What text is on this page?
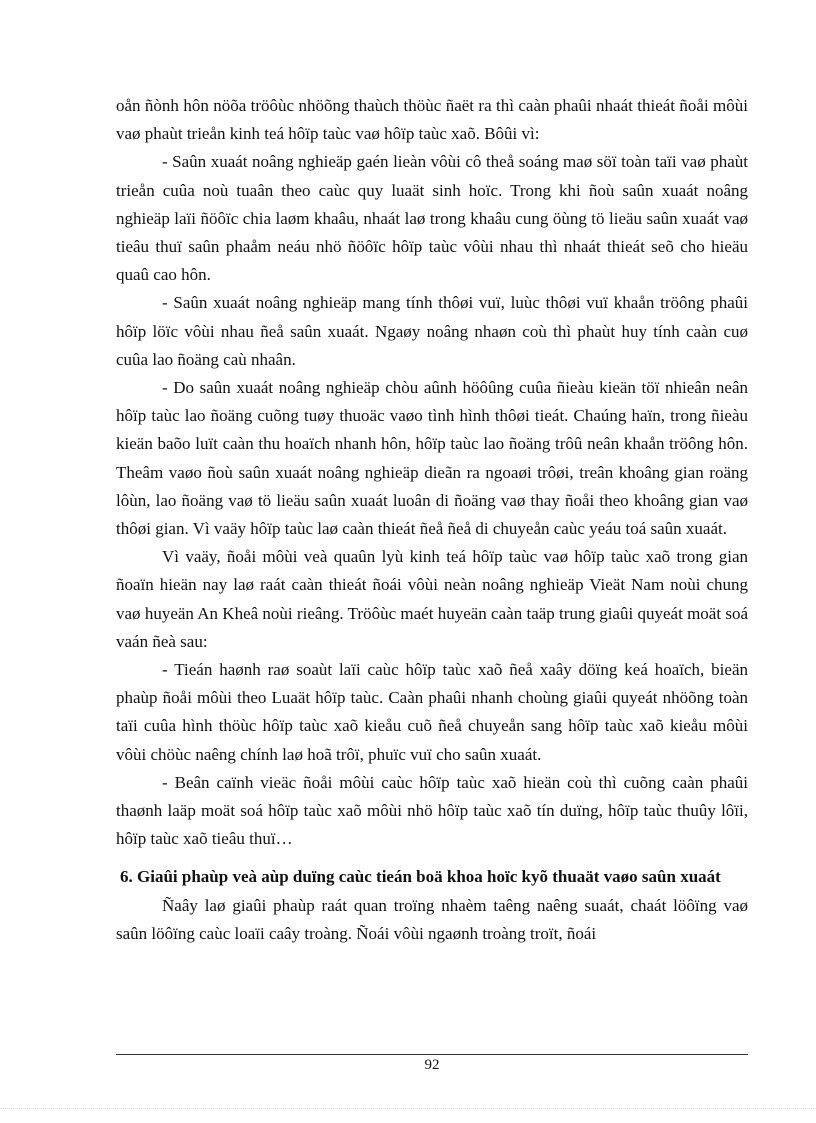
oån ñònh hôn nöõa tröôùc nhöõng thaùch thöùc ñaët ra thì caàn phaûi nhaát thieát ñoåi môùi vaø phaùt trieån kinh teá hôïp taùc vaø hôïp taùc xaõ. Bôûi vì:

- Saûn xuaát noâng nghieäp gaén lieàn vôùi cô theå soáng maø söï toàn taïi vaø phaùt trieån cuûa noù tuaân theo caùc quy luaät sinh hoïc. Trong khi ñoù saûn xuaát noâng nghieäp laïi ñöôïc chia laøm khaâu, nhaát laø trong khaâu cung öùng tö lieäu saûn xuaát vaø tieâu thuï saûn phaåm neáu nhö ñöôïc hôïp taùc vôùi nhau thì nhaát thieát seõ cho hieäu quaû cao hôn.

- Saûn xuaát noâng nghieäp mang tính thôøi vuï, luùc thôøi vuï khaån tröông phaûi hôïp löïc vôùi nhau ñeå saûn xuaát. Ngaøy noâng nhaøn coù thì phaùt huy tính caàn cuø cuûa lao ñoäng caù nhaân.

- Do saûn xuaát noâng nghieäp chòu aûnh höôûng cuûa ñieàu kieän töï nhieân neân hôïp taùc lao ñoäng cuõng tuøy thuoäc vaøo tình hình thôøi tieát. Chaúng haïn, trong ñieàu kieän baõo luït caàn thu hoaïch nhanh hôn, hôïp taùc lao ñoäng trôû neân khaån tröông hôn. Theâm vaøo ñoù saûn xuaát noâng nghieäp dieãn ra ngoaøi trôøi, treân khoâng gian roäng lôùn, lao ñoäng vaø tö lieäu saûn xuaát luoân di ñoäng vaø thay ñoåi theo khoâng gian vaø thôøi gian. Vì vaäy hôïp taùc laø caàn thieát ñeå ñeå di chuyeån caùc yeáu toá saûn xuaát.

Vì vaäy, ñoåi môùi veà quaûn lyù kinh teá hôïp taùc vaø hôïp taùc xaõ trong gian ñoaïn hieän nay laø raát caàn thieát ñoái vôùi neàn noâng nghieäp Vieät Nam noùi chung vaø huyeän An Kheâ noùi rieâng. Tröôùc maét huyeän caàn taäp trung giaûi quyeát moät soá vaán ñeà sau:

- Tieán haønh raø soaùt laïi caùc hôïp taùc xaõ ñeå xaây döïng keá hoaïch, bieän phaùp ñoåi môùi theo Luaät hôïp taùc. Caàn phaûi nhanh choùng giaûi quyeát nhöõng toàn taïi cuûa hình thöùc hôïp taùc xaõ kieåu cuõ ñeå chuyeån sang hôïp taùc xaõ kieåu môùi vôùi chöùc naêng chính laø hoã trôï, phuïc vuï cho saûn xuaát.

- Beân caïnh vieäc ñoåi môùi caùc hôïp taùc xaõ hieän coù thì cuõng caàn phaûi thaønh laäp moät soá hôïp taùc xaõ môùi nhö hôïp taùc xaõ tín duïng, hôïp taùc thuûy lôïi, hôïp taùc xaõ tieâu thuï…

6. Giaûi phaùp veà aùp duïng caùc tieán boä khoa hoïc kyõ thuaät vaøo saûn xuaát

Ñaây laø giaûi phaùp raát quan troïng nhaèm taêng naêng suaát, chaát löôïng vaø saûn löôïng caùc loaïi caây troàng. Ñoái vôùi ngaønh troàng troït, ñoái

92
